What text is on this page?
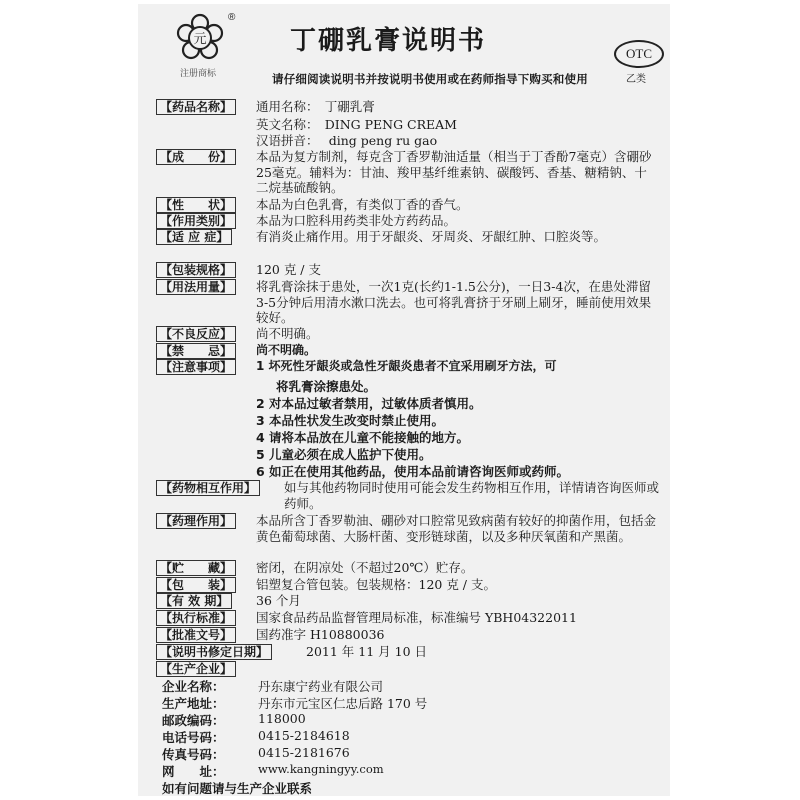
元
®
注册商标
丁硼乳膏说明书
请仔细阅读说明书并按说明书使用或在药师指导下购买和使用
OTC
乙类
【药品名称】	通用名称：　丁硼乳膏
英文名称：　DING PENG CREAM
汉语拼音：　 ding peng ru gao
【成　　份】	本品为复方制剂，每克含丁香罗勒油适量（相当于丁香酚7毫克）含硼砂25毫克。辅料为：甘油、羧甲基纤维素钠、碳酸钙、香基、糖精钠、十二烷基硫酸钠。
【性　　状】	本品为白色乳膏，有类似丁香的香气。
【作用类别】	本品为口腔科用药类非处方药药品。
【适 应 症】	有消炎止痛作用。用于牙龈炎、牙周炎、牙龈红肿、口腔炎等。
【包装规格】	120 克 / 支
【用法用量】	将乳膏涂抹于患处，一次1克(长约1-1.5公分)，一日3-4次，在患处滞留3-5分钟后用清水漱口洗去。也可将乳膏挤于牙刷上刷牙，睡前使用效果较好。
【不良反应】	尚不明确。
【禁　　忌】	尚不明确。
【注意事项】	1 坏死性牙龈炎或急性牙龈炎患者不宜采用刷牙方法，可
将乳膏涂擦患处。
2 对本品过敏者禁用，过敏体质者慎用。
3 本品性状发生改变时禁止使用。
4 请将本品放在儿童不能接触的地方。
5 儿童必须在成人监护下使用。
6 如正在使用其他药品，使用本品前请咨询医师或药师。
【药物相互作用】	如与其他药物同时使用可能会发生药物相互作用，详情请咨询医师或药师。
【药理作用】	本品所含丁香罗勒油、硼砂对口腔常见致病菌有较好的抑菌作用，包括金黄色葡萄球菌、大肠杆菌、变形链球菌，以及多种厌氧菌和产黑菌。
【贮　　藏】	密闭，在阴凉处（不超过20℃）贮存。
【包　　装】	铝塑复合管包装。包装规格：120 克 / 支。
【有 效 期】	36 个月
【执行标准】	国家食品药品监督管理局标准，标准编号 YBH04322011
【批准文号】	国药准字 H10880036
【说明书修定日期】	2011 年 11 月 10 日
【生产企业】
企业名称：	丹东康宁药业有限公司
生产地址：	丹东市元宝区仁忠后路 170 号
邮政编码：	118000
电话号码：	0415-2184618
传真号码：	0415-2181676
网　　址：	www.kangningyy.com
如有问题请与生产企业联系
